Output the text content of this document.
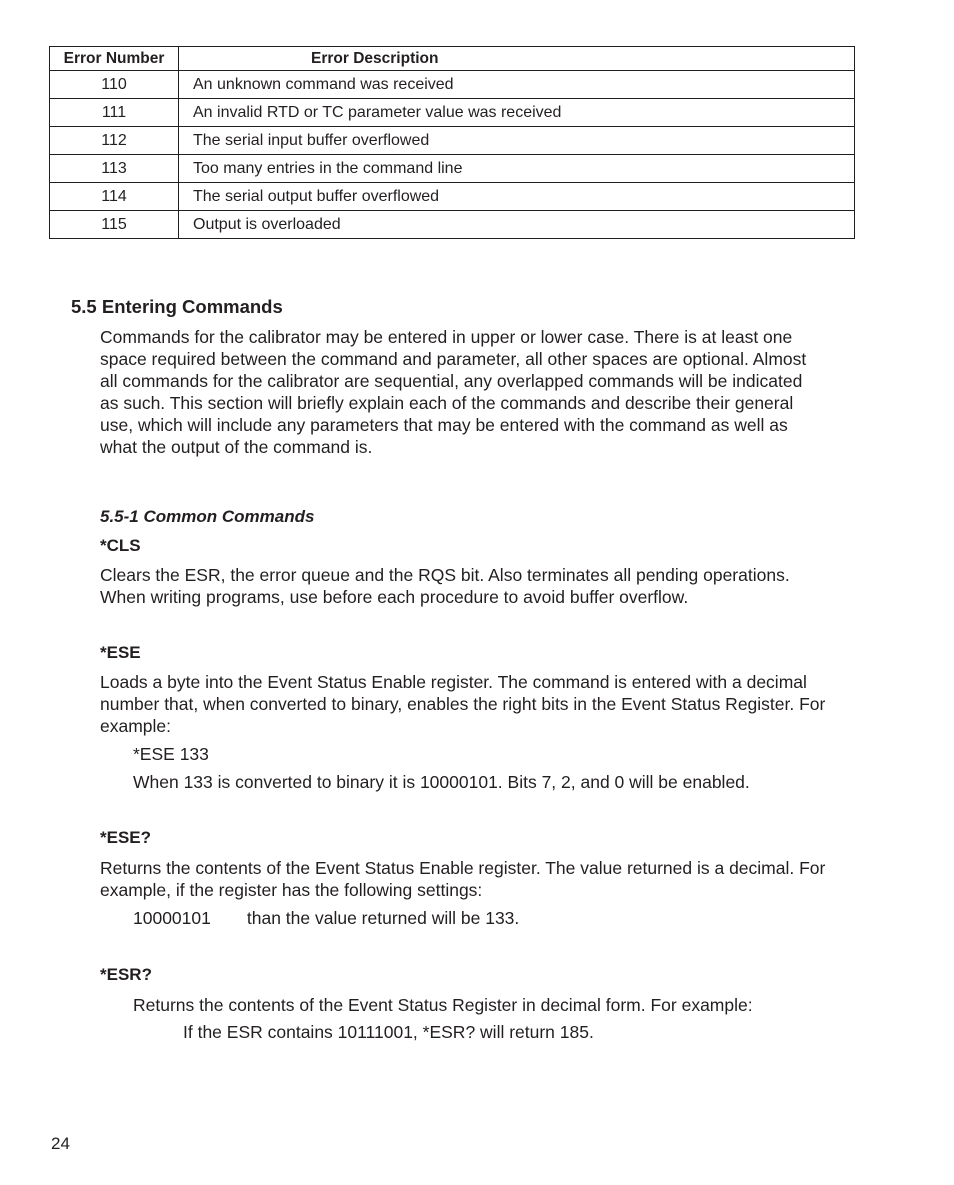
Error Number	Error Description
110	An unknown command was received
111	An invalid RTD or TC parameter value was received
112	The serial input buffer overflowed
113	Too many entries in the command line
114	The serial output buffer overflowed
115	Output is overloaded
5.5 Entering Commands

Commands for the calibrator may be entered in upper or lower case. There is at least one

space required between the command and parameter, all other spaces are optional. Almost

all commands for the calibrator are sequential, any overlapped commands will be indicated

as such. This section will briefly explain each of the commands and describe their general

use, which will include any parameters that may be entered with the command as well as

what the output of the command is.

5.5-1 Common Commands
*CLS

Clears the ESR, the error queue and the RQS bit. Also terminates all pending operations.

When writing programs, use before each procedure to avoid buffer overflow.

*ESE

Loads a byte into the Event Status Enable register. The command is entered with a decimal

number that, when converted to binary, enables the right bits in the Event Status Register. For

example:

*ESE 133

When 133 is converted to binary it is 10000101. Bits 7, 2, and 0 will be enabled.

*ESE?

Returns the contents of the Event Status Enable register. The value returned is a decimal. For

example, if the register has the following settings:

10000101 than the value returned will be 133.

*ESR?

Returns the contents of the Event Status Register in decimal form. For example:

If the ESR contains 10111001, *ESR? will return 185.

24
